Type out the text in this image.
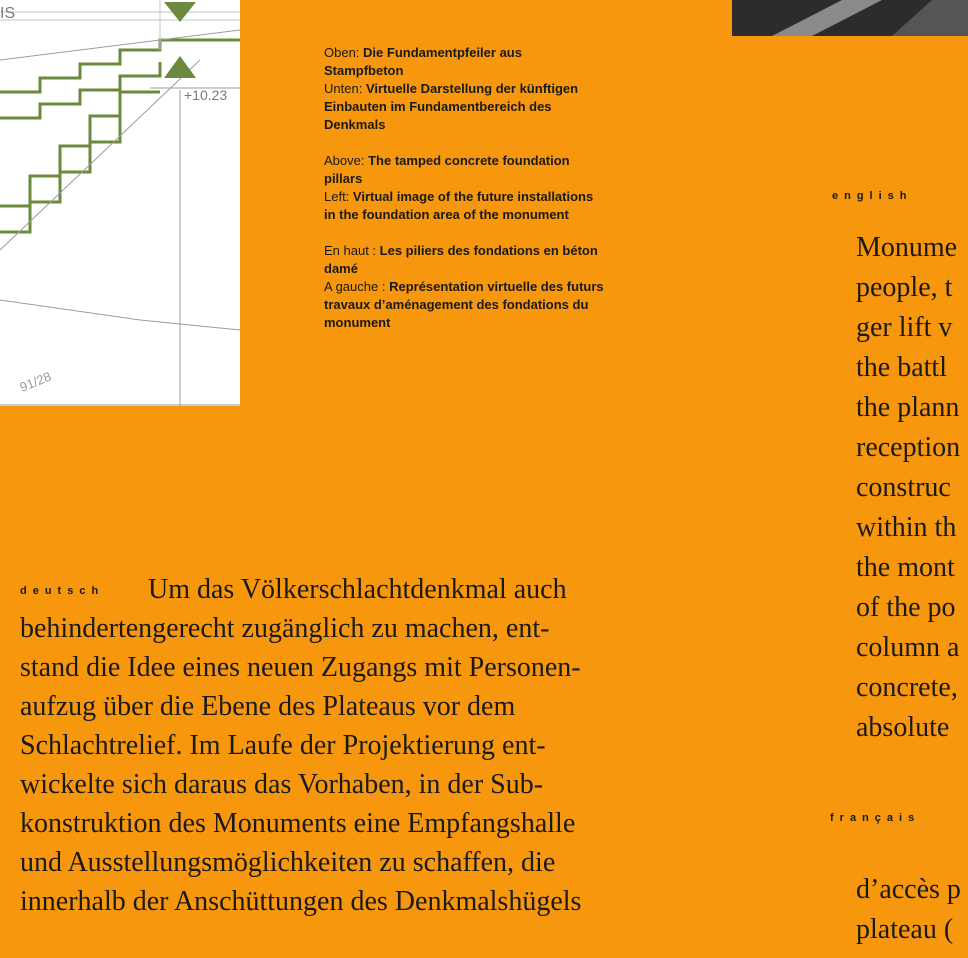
+10.23
IS
91/28
Oben: Die Fundamentpfeiler aus Stampfbeton
Unten: Virtuelle Darstellung der künftigen Einbauten im Fundamentbereich des Denkmals
Above: The tamped concrete foundation pillars
Left: Virtual image of the future installations in the foundation area of the monument
En haut : Les piliers des fondations en béton damé
A gauche : Représentation virtuelle des futurs travaux d’aménagement des fondations du monument
deutsch
english
français
Um das Völkerschlachtdenkmal auch
behindertengerecht zugänglich zu machen, ent-
stand die Idee eines neuen Zugangs mit Personen-
aufzug über die Ebene des Plateaus vor dem
Schlachtrelief. Im Laufe der Projektierung ent-
wickelte sich daraus das Vorhaben, in der Sub-
konstruktion des Monuments eine Empfangshalle
und Ausstellungsmöglichkeiten zu schaffen, die
innerhalb der Anschüttungen des Denkmalshügels
Monume
people, t
ger lift v
the battl
the plann
reception
construc
within th
the mont
of the po
column a
concrete,
absolute
d’accès p
plateau (
